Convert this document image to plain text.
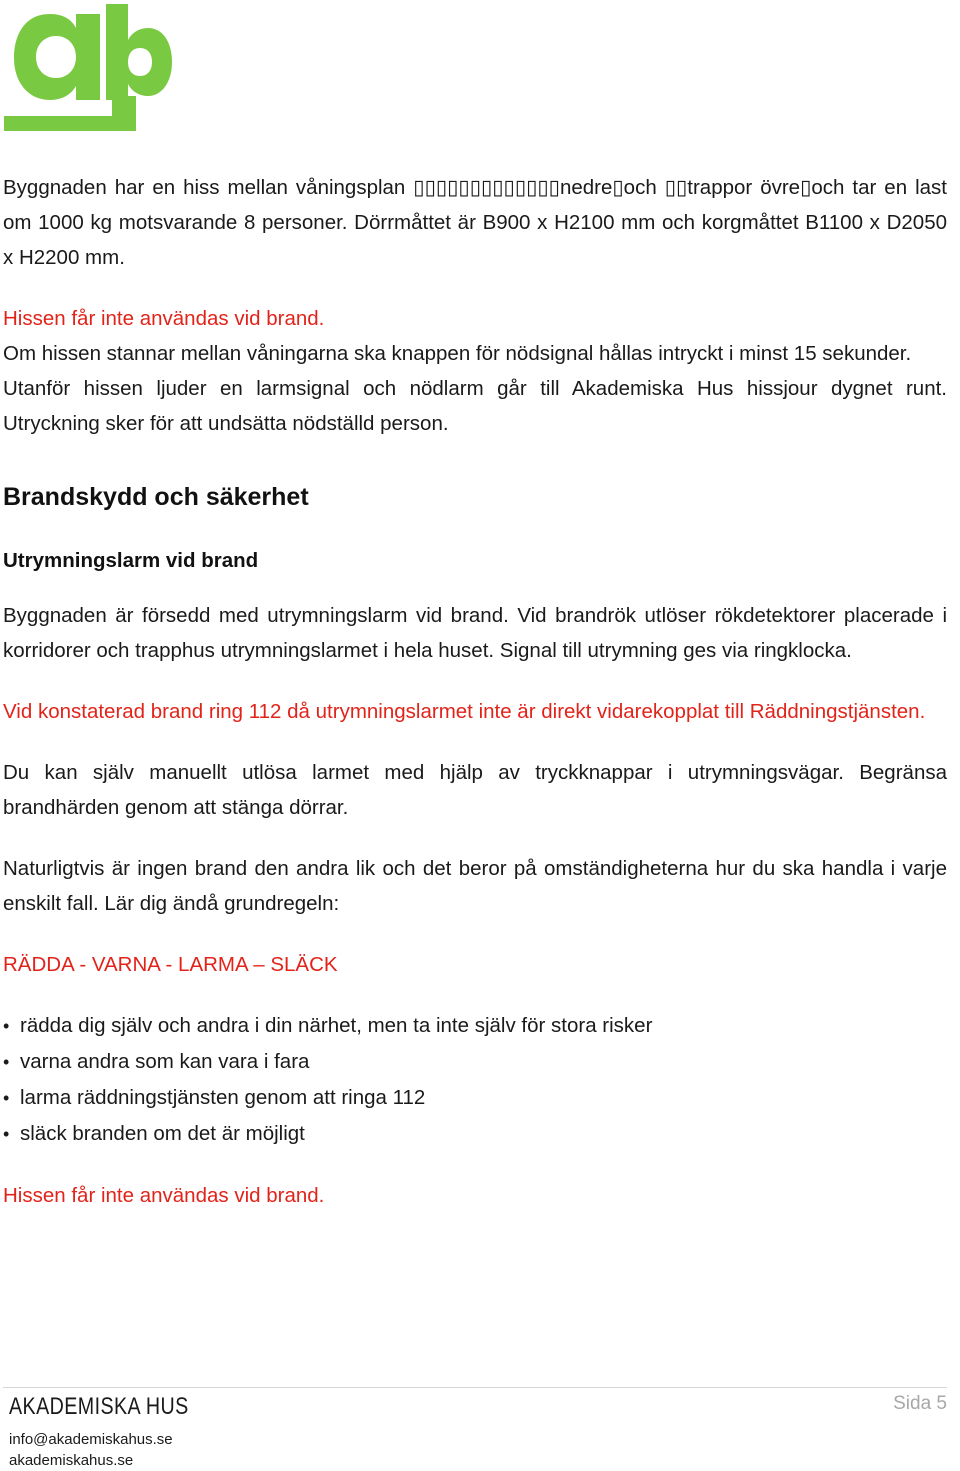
Byggnaden har en hiss mellan våningsplan ▯▯▯▯▯▯▯▯▯▯▯▯▯nedre▯och ▯▯trappor övre▯och tar en last om 1000 kg motsvarande 8 personer. Dörrmåttet är B900 x H2100 mm och korgmåttet B1100 x D2050 x H2200 mm.

Hissen får inte användas vid brand.

Om hissen stannar mellan våningarna ska knappen för nödsignal hållas intryckt i minst 15 sekunder.

Utanför hissen ljuder en larmsignal och nödlarm går till Akademiska Hus hissjour dygnet runt. Utryckning sker för att undsätta nödställd person.

Brandskydd och säkerhet
Utrymningslarm vid brand

Byggnaden är försedd med utrymningslarm vid brand. Vid brandrök utlöser rökdetektorer placerade i korridorer och trapphus utrymningslarmet i hela huset. Signal till utrymning ges via ringklocka.

Vid konstaterad brand ring 112 då utrymningslarmet inte är direkt vidarekopplat till Räddningstjänsten.

Du kan själv manuellt utlösa larmet med hjälp av tryckknappar i utrymningsvägar. Begränsa brandhärden genom att stänga dörrar.

Naturligtvis är ingen brand den andra lik och det beror på omständigheterna hur du ska handla i varje enskilt fall. Lär dig ändå grundregeln:

RÄDDA - VARNA - LARMA – SLÄCK

• rädda dig själv och andra i din närhet, men ta inte själv för stora risker
• varna andra som kan vara i fara
• larma räddningstjänsten genom att ringa 112
• släck branden om det är möjligt

Hissen får inte användas vid brand.

AKADEMISKA HUS
info@akademiskahus.se
akademiskahus.se
Sida 5
